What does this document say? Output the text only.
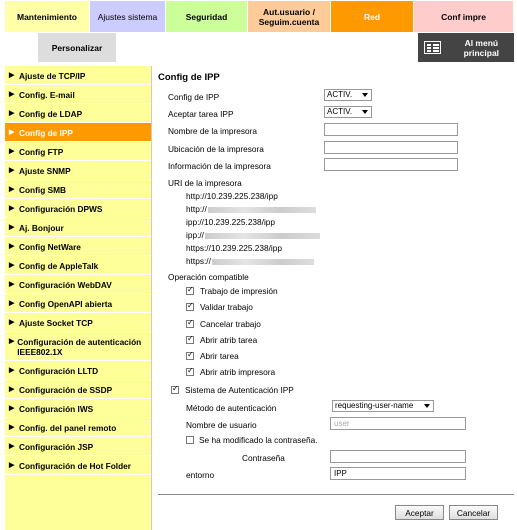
Mantenimiento	Ajustes sistema	Seguridad	Aut.usuario / Seguim.cuenta	Red	Conf impre
Personalizar	Al menú principal
▶ Ajuste de TCP/IP
▶ Config. E-mail
▶ Config de LDAP
▶ Config de IPP
▶ Config FTP
▶ Ajuste SNMP
▶ Config SMB
▶ Configuración DPWS
▶ Aj. Bonjour
▶ Config NetWare
▶ Config de AppleTalk
▶ Configuración WebDAV
▶ Config OpenAPI abierta
▶ Ajuste Socket TCP
▶ Configuración de autenticación IEEE802.1X
▶ Configuración LLTD
▶ Configuración de SSDP
▶ Configuración IWS
▶ Config. del panel remoto
▶ Configuración JSP
▶ Configuración de Hot Folder
Config de IPP
Config de IPP	ACTIV.
Aceptar tarea IPP	ACTIV.
Nombre de la impresora
Ubicación de la impresora
Información de la impresora
URI de la impresora
http://10.239.225.238/ipp
http://
ipp://10.239.225.238/ipp
ipp://
https://10.239.225.238/ipp
https://
Operación compatible
✓
Trabajo de impresión
✓
Validar trabajo
✓
Cancelar trabajo
✓
Abrir atrib tarea
✓
Abrir tarea
✓
Abrir atrib impresora
✓
Sistema de Autenticación IPP
Método de autenticación	requesting-user-name
Nombre de usuario	user
Se ha modificado la contraseña.
Contraseña
entorno	IPP
Aceptar	Cancelar
